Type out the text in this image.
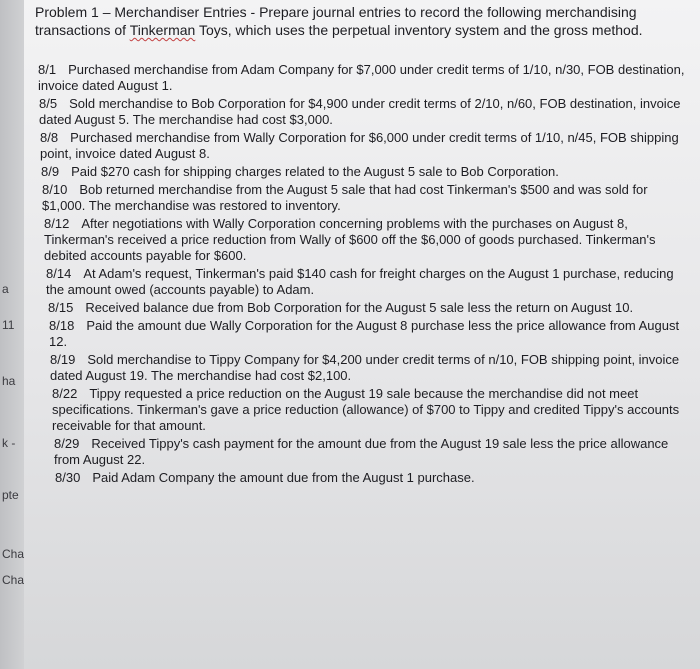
a
11
ha
k -
pte
Cha
Cha
Problem 1 – Merchandiser Entries - Prepare journal entries to record the following merchandising transactions of Tinkerman Toys, which uses the perpetual inventory system and the gross method.
8/1 Purchased merchandise from Adam Company for $7,000 under credit terms of 1/10, n/30, FOB destination, invoice dated August 1.
8/5 Sold merchandise to Bob Corporation for $4,900 under credit terms of 2/10, n/60, FOB destination, invoice dated August 5. The merchandise had cost $3,000.
8/8 Purchased merchandise from Wally Corporation for $6,000 under credit terms of 1/10, n/45, FOB shipping point, invoice dated August 8.
8/9 Paid $270 cash for shipping charges related to the August 5 sale to Bob Corporation.
8/10 Bob returned merchandise from the August 5 sale that had cost Tinkerman's $500 and was sold for $1,000. The merchandise was restored to inventory.
8/12 After negotiations with Wally Corporation concerning problems with the purchases on August 8, Tinkerman's received a price reduction from Wally of $600 off the $6,000 of goods purchased. Tinkerman's debited accounts payable for $600.
8/14 At Adam's request, Tinkerman's paid $140 cash for freight charges on the August 1 purchase, reducing the amount owed (accounts payable) to Adam.
8/15 Received balance due from Bob Corporation for the August 5 sale less the return on August 10.
8/18 Paid the amount due Wally Corporation for the August 8 purchase less the price allowance from August 12.
8/19 Sold merchandise to Tippy Company for $4,200 under credit terms of n/10, FOB shipping point, invoice dated August 19. The merchandise had cost $2,100.
8/22 Tippy requested a price reduction on the August 19 sale because the merchandise did not meet specifications. Tinkerman's gave a price reduction (allowance) of $700 to Tippy and credited Tippy's accounts receivable for that amount.
8/29 Received Tippy's cash payment for the amount due from the August 19 sale less the price allowance from August 22.
8/30 Paid Adam Company the amount due from the August 1 purchase.
